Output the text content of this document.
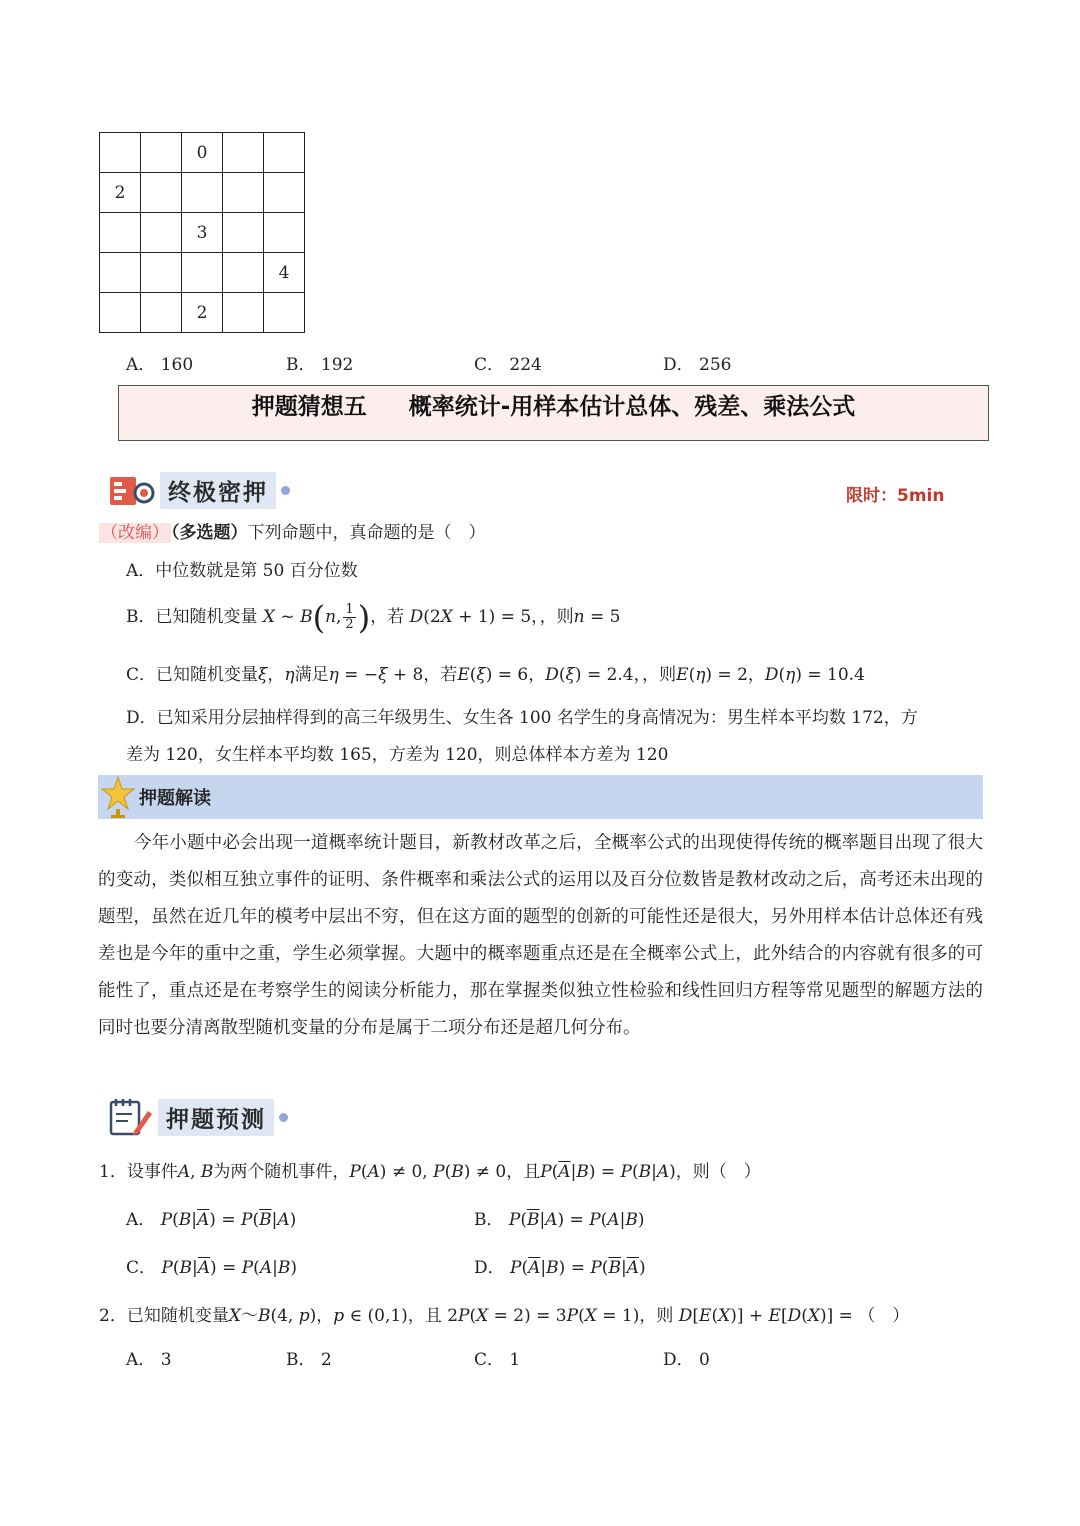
		0		
2				
		3		
				4
		2		
A． 160	B． 192	C． 224	D． 256
押题猜想五 概率统计-用样本估计总体、残差、乘法公式
终极密押	限时：5min
（改编） （多选题）下列命题中，真命题的是（　）
A．中位数就是第 50 百分位数
B．已知随机变量 X ~ B(n, $\frac{1}{2}$ )，若 D(2X + 1) = 5，，则n = 5
C．已知随机变量ξ，η满足η = −ξ + 8，若E(ξ) = 6，D(ξ) = 2.4，，则E(η) = 2，D(η) = 10.4
D．已知采用分层抽样得到的高三年级男生、女生各 100 名学生的身高情况为：男生样本平均数 172，方
差为 120，女生样本平均数 165，方差为 120，则总体样本方差为 120
押题解读
今年小题中必会出现一道概率统计题目，新教材改革之后，全概率公式的出现使得传统的概率题目出现了很大的变动，类似相互独立事件的证明、条件概率和乘法公式的运用以及百分位数皆是教材改动之后，高考还未出现的题型，虽然在近几年的模考中层出不穷，但在这方面的题型的创新的可能性还是很大，另外用样本估计总体还有残差也是今年的重中之重，学生必须掌握。大题中的概率题重点还是在全概率公式上，此外结合的内容就有很多的可能性了，重点还是在考察学生的阅读分析能力，那在掌握类似独立性检验和线性回归方程等常见题型的解题方法的同时也要分清离散型随机变量的分布是属于二项分布还是超几何分布。
押题预测
1．设事件A, B为两个随机事件，P(A) ≠ 0, P(B) ≠ 0，且$P(\overline{A}|B) = P(B|A)$，则（　）
A． $P(B|\overline{A}) = P(\overline{B}|A)$	B． $P(\overline{B}|A) = P(A|B)$
C． $P(B|\overline{A}) = P(A|B)$	D． $P(\overline{A}|B) = P(\overline{B}|\overline{A})$
2．已知随机变量X～B(4, p)，p ∈ (0,1)，且 2P(X = 2) = 3P(X = 1)，则 D[E(X)] + E[D(X)] = （　）
A． 3	B． 2	C． 1	D． 0
